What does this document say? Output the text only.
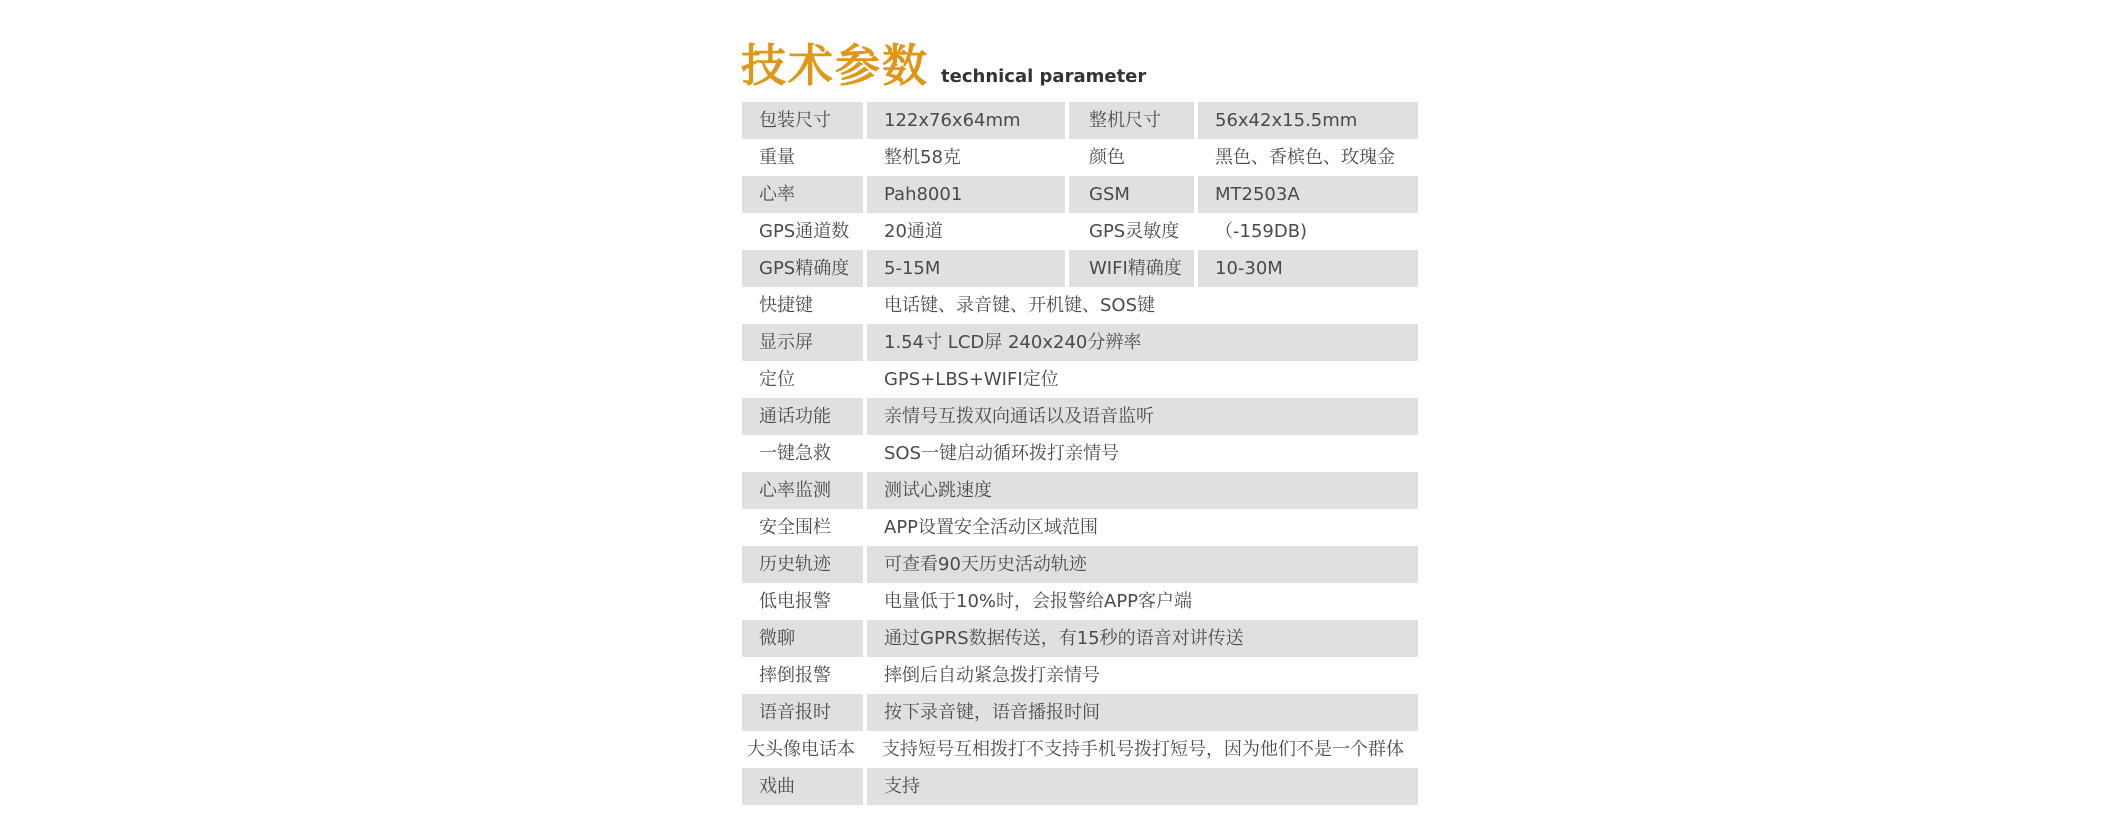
技术参数 technical parameter
包装尺寸	122x76x64mm	整机尺寸	56x42x15.5mm
重量	整机58克	颜色	黑色、香槟色、玫瑰金
心率	Pah8001	GSM	MT2503A
GPS通道数	20通道	GPS灵敏度	（-159DB)
GPS精确度	5-15M	WIFI精确度	10-30M
快捷键	电话键、录音键、开机键、SOS键
显示屏	1.54寸 LCD屏 240x240分辨率
定位	GPS+LBS+WIFI定位
通话功能	亲情号互拨双向通话以及语音监听
一键急救	SOS一键启动循环拨打亲情号
心率监测	测试心跳速度
安全围栏	APP设置安全活动区域范围
历史轨迹	可查看90天历史活动轨迹
低电报警	电量低于10%时，会报警给APP客户端
微聊	通过GPRS数据传送，有15秒的语音对讲传送
摔倒报警	摔倒后自动紧急拨打亲情号
语音报时	按下录音键，语音播报时间
大头像电话本	支持短号互相拨打不支持手机号拨打短号，因为他们不是一个群体
戏曲	支持
